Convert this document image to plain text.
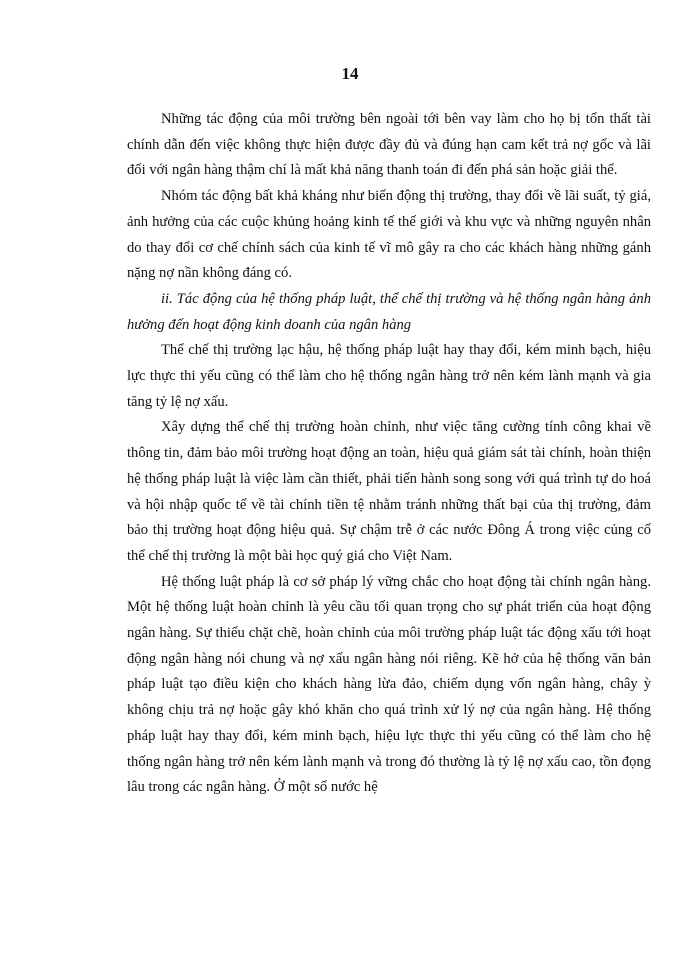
14

Những tác động của môi trường bên ngoài tới bên vay làm cho họ bị tổn thất tài chính dẫn đến việc không thực hiện được đầy đủ và đúng hạn cam kết trả nợ gốc và lãi đối với ngân hàng thậm chí là mất khả năng thanh toán đi đến phá sản hoặc giải thể.

Nhóm tác động bất khả kháng như biến động thị trường, thay đổi về lãi suất, tỷ giá, ảnh hưởng của các cuộc khủng hoảng kinh tế thế giới và khu vực và những nguyên nhân do thay đổi cơ chế chính sách của kinh tế vĩ mô gây ra cho các khách hàng những gánh nặng nợ nần không đáng có.

ii. Tác động của hệ thống pháp luật, thể chế thị trường và hệ thống ngân hàng ảnh hưởng đến hoạt động kinh doanh của ngân hàng

Thể chế thị trường lạc hậu, hệ thống pháp luật hay thay đổi, kém minh bạch, hiệu lực thực thi yếu cũng có thể làm cho hệ thống ngân hàng trở nên kém lành mạnh và gia tăng tỷ lệ nợ xấu.

Xây dựng thể chế thị trường hoàn chỉnh, như việc tăng cường tính công khai về thông tin, đảm bảo môi trường hoạt động an toàn, hiệu quả giám sát tài chính, hoàn thiện hệ thống pháp luật là việc làm cần thiết, phải tiến hành song song với quá trình tự do hoá và hội nhập quốc tế về tài chính tiền tệ nhằm tránh những thất bại của thị trường, đảm bảo thị trường hoạt động hiệu quả. Sự chậm trễ ở các nước Đông Á trong việc củng cố thể chế thị trường là một bài học quý giá cho Việt Nam.

Hệ thống luật pháp là cơ sở pháp lý vững chắc cho hoạt động tài chính ngân hàng. Một hệ thống luật hoàn chỉnh là yêu cầu tối quan trọng cho sự phát triển của hoạt động ngân hàng. Sự thiếu chặt chẽ, hoàn chỉnh của môi trường pháp luật tác động xấu tới hoạt động ngân hàng nói chung và nợ xấu ngân hàng nói riêng. Kẽ hở của hệ thống văn bản pháp luật tạo điều kiện cho khách hàng lừa đảo, chiếm dụng vốn ngân hàng, chây ỳ không chịu trả nợ hoặc gây khó khăn cho quá trình xử lý nợ của ngân hàng. Hệ thống pháp luật hay thay đổi, kém minh bạch, hiệu lực thực thi yếu cũng có thể làm cho hệ thống ngân hàng trở nên kém lành mạnh và trong đó thường là tỷ lệ nợ xấu cao, tồn đọng lâu trong các ngân hàng. Ở một số nước hệ
